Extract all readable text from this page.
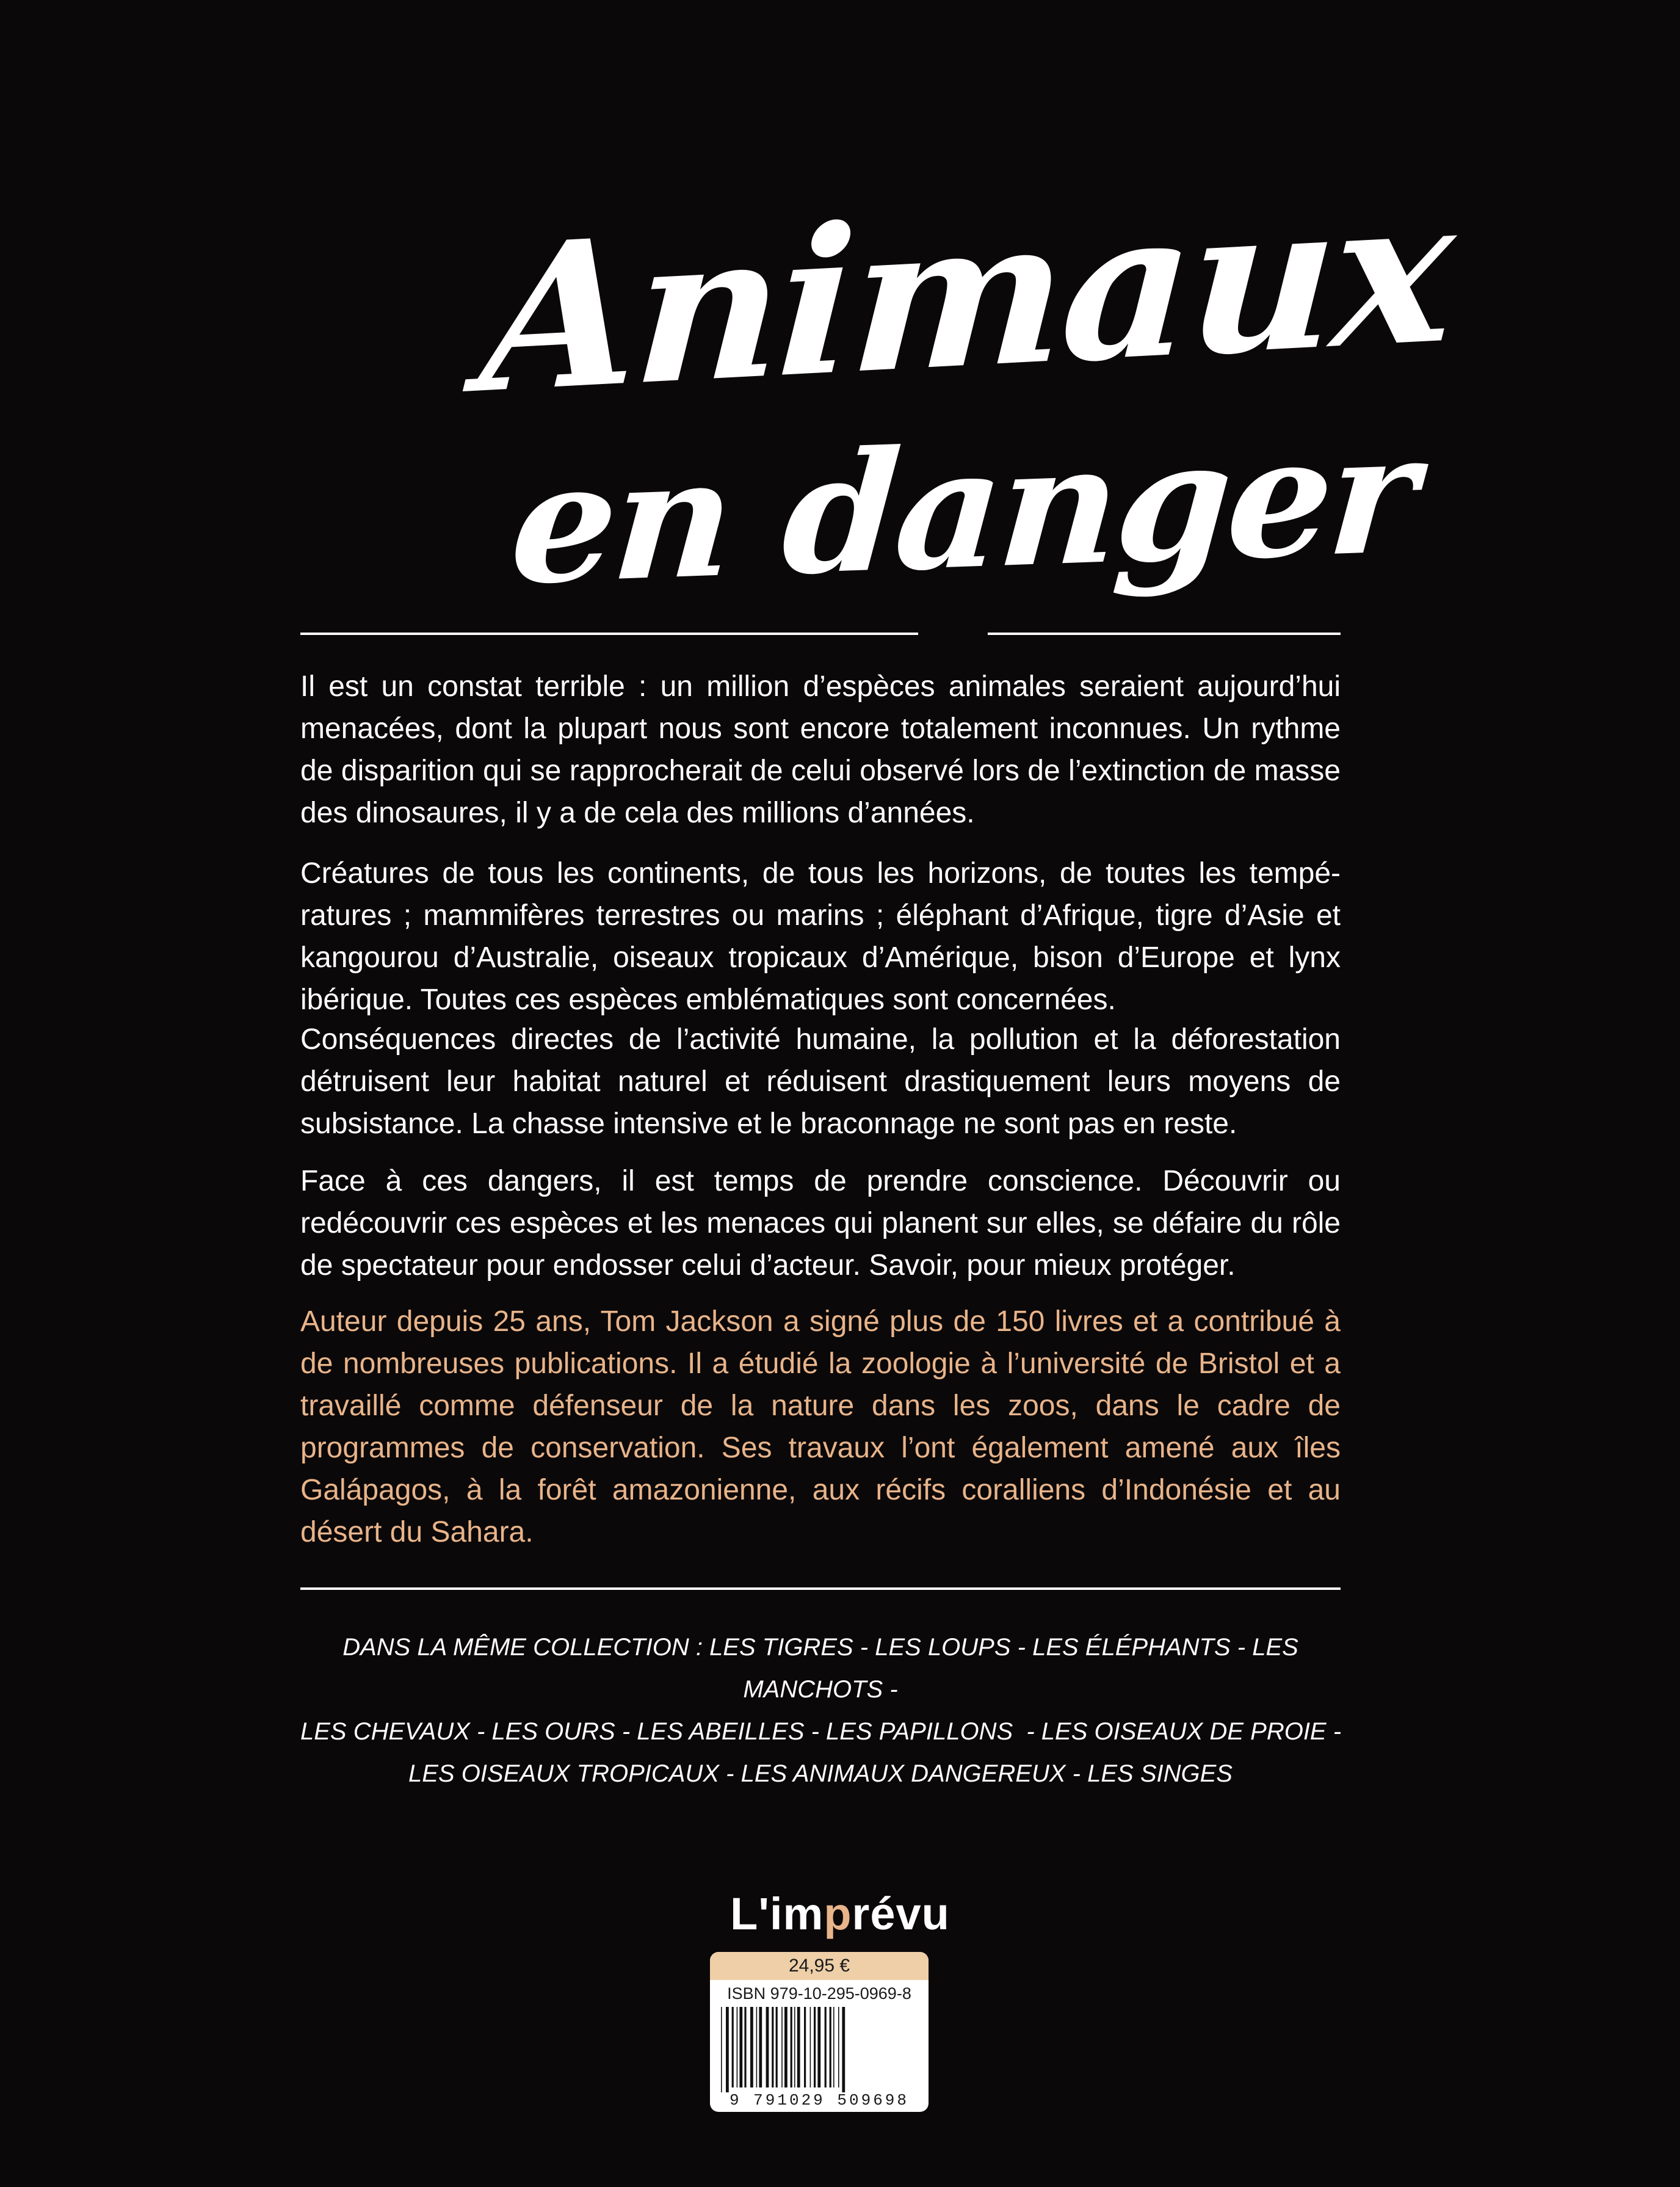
Animaux
en danger

Il est un constat terrible : un million d’espèces animales seraient aujourd’hui menacées, dont la plupart nous sont encore totalement inconnues. Un rythme de disparition qui se rapprocherait de celui observé lors de l’extinction de masse des dinosaures, il y a de cela des millions d’années.

Créatures de tous les continents, de tous les horizons, de toutes les tempé-ratures ; mammifères terrestres ou marins ; éléphant d’Afrique, tigre d’Asie et kangourou d’Australie, oiseaux tropicaux d’Amérique, bison d’Europe et lynx ibérique. Toutes ces espèces emblématiques sont concernées.

Conséquences directes de l’activité humaine, la pollution et la déforestation détruisent leur habitat naturel et réduisent drastiquement leurs moyens de subsistance. La chasse intensive et le braconnage ne sont pas en reste.

Face à ces dangers, il est temps de prendre conscience. Découvrir ou redécouvrir ces espèces et les menaces qui planent sur elles, se défaire du rôle de spectateur pour endosser celui d’acteur. Savoir, pour mieux protéger.

Auteur depuis 25 ans, Tom Jackson a signé plus de 150 livres et a contribué à de nombreuses publications. Il a étudié la zoologie à l’université de Bristol et a travaillé comme défenseur de la nature dans les zoos, dans le cadre de programmes de conservation. Ses travaux l’ont également amené aux îles Galápagos, à la forêt amazonienne, aux récifs coralliens d’Indonésie et au désert du Sahara.

DANS LA MÊME COLLECTION : LES TIGRES - LES LOUPS - LES ÉLÉPHANTS - LES MANCHOTS -
LES CHEVAUX - LES OURS - LES ABEILLES - LES PAPILLONS  - LES OISEAUX DE PROIE -
LES OISEAUX TROPICAUX - LES ANIMAUX DANGEREUX - LES SINGES
L'imprévu
24,95 €
ISBN 979-10-295-0969-8
9 791029 509698
